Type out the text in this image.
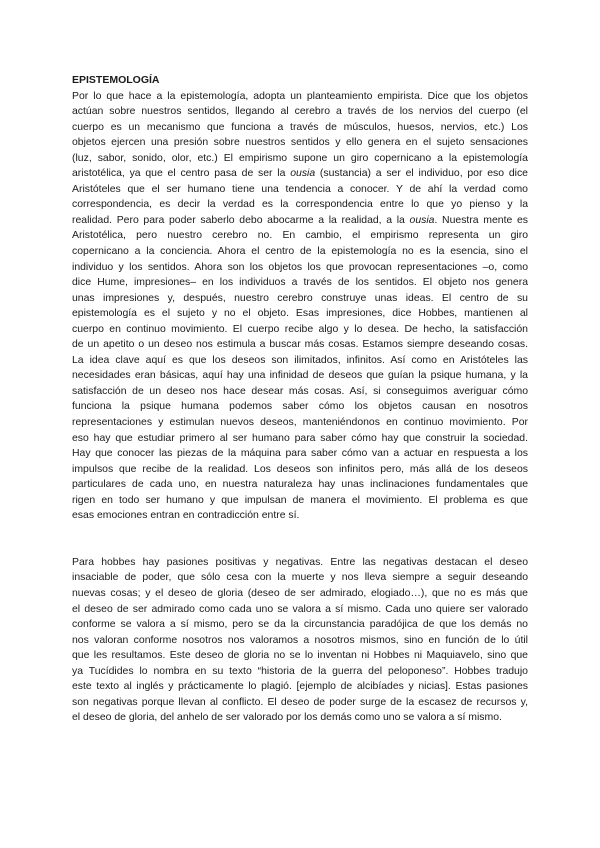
EPISTEMOLOGÍA

Por lo que hace a la epistemología, adopta un planteamiento empirista. Dice que los objetos
actúan sobre nuestros sentidos, llegando al cerebro a través de los nervios del cuerpo (el
cuerpo es un mecanismo que funciona a través de músculos, huesos, nervios, etc.) Los
objetos ejercen una presión sobre nuestros sentidos y ello genera en el sujeto sensaciones
(luz, sabor, sonido, olor, etc.) El empirismo supone un giro copernicano a la epistemología
aristotélica, ya que el centro pasa de ser la ousia (sustancia) a ser el individuo, por eso dice
Aristóteles que el ser humano tiene una tendencia a conocer. Y de ahí la verdad como
correspondencia, es decir la verdad es la correspondencia entre lo que yo pienso y la
realidad. Pero para poder saberlo debo abocarme a la realidad, a la ousia. Nuestra mente es
Aristotélica, pero nuestro cerebro no. En cambio, el empirismo representa un giro
copernicano a la conciencia. Ahora el centro de la epistemología no es la esencia, sino el
individuo y los sentidos. Ahora son los objetos los que provocan representaciones –o, como
dice Hume, impresiones– en los individuos a través de los sentidos. El objeto nos genera
unas impresiones y, después, nuestro cerebro construye unas ideas. El centro de su
epistemología es el sujeto y no el objeto. Esas impresiones, dice Hobbes, mantienen al
cuerpo en continuo movimiento. El cuerpo recibe algo y lo desea. De hecho, la satisfacción
de un apetito o un deseo nos estimula a buscar más cosas. Estamos siempre deseando cosas.
La idea clave aquí es que los deseos son ilimitados, infinitos. Así como en Aristóteles las
necesidades eran básicas, aquí hay una infinidad de deseos que guían la psique humana, y la
satisfacción de un deseo nos hace desear más cosas. Así, si conseguimos averiguar cómo
funciona la psique humana podemos saber cómo los objetos causan en nosotros
representaciones y estimulan nuevos deseos, manteniéndonos en continuo movimiento. Por
eso hay que estudiar primero al ser humano para saber cómo hay que construir la sociedad.
Hay que conocer las piezas de la máquina para saber cómo van a actuar en respuesta a los
impulsos que recibe de la realidad. Los deseos son infinitos pero, más allá de los deseos
particulares de cada uno, en nuestra naturaleza hay unas inclinaciones fundamentales que
rigen en todo ser humano y que impulsan de manera el movimiento. El problema es que
esas emociones entran en contradicción entre sí.
Para hobbes hay pasiones positivas y negativas. Entre las negativas destacan el deseo
insaciable de poder, que sólo cesa con la muerte y nos lleva siempre a seguir deseando
nuevas cosas; y el deseo de gloria (deseo de ser admirado, elogiado…), que no es más que
el deseo de ser admirado como cada uno se valora a sí mismo. Cada uno quiere ser valorado
conforme se valora a sí mismo, pero se da la circunstancia paradójica de que los demás no
nos valoran conforme nosotros nos valoramos a nosotros mismos, sino en función de lo útil
que les resultamos. Este deseo de gloria no se lo inventan ni Hobbes ni Maquiavelo, sino que
ya Tucídides lo nombra en su texto “historia de la guerra del peloponeso”. Hobbes tradujo
este texto al inglés y prácticamente lo plagió. [ejemplo de alcibíades y nicias]. Estas pasiones
son negativas porque llevan al conflicto. El deseo de poder surge de la escasez de recursos y,
el deseo de gloria, del anhelo de ser valorado por los demás como uno se valora a sí mismo.
